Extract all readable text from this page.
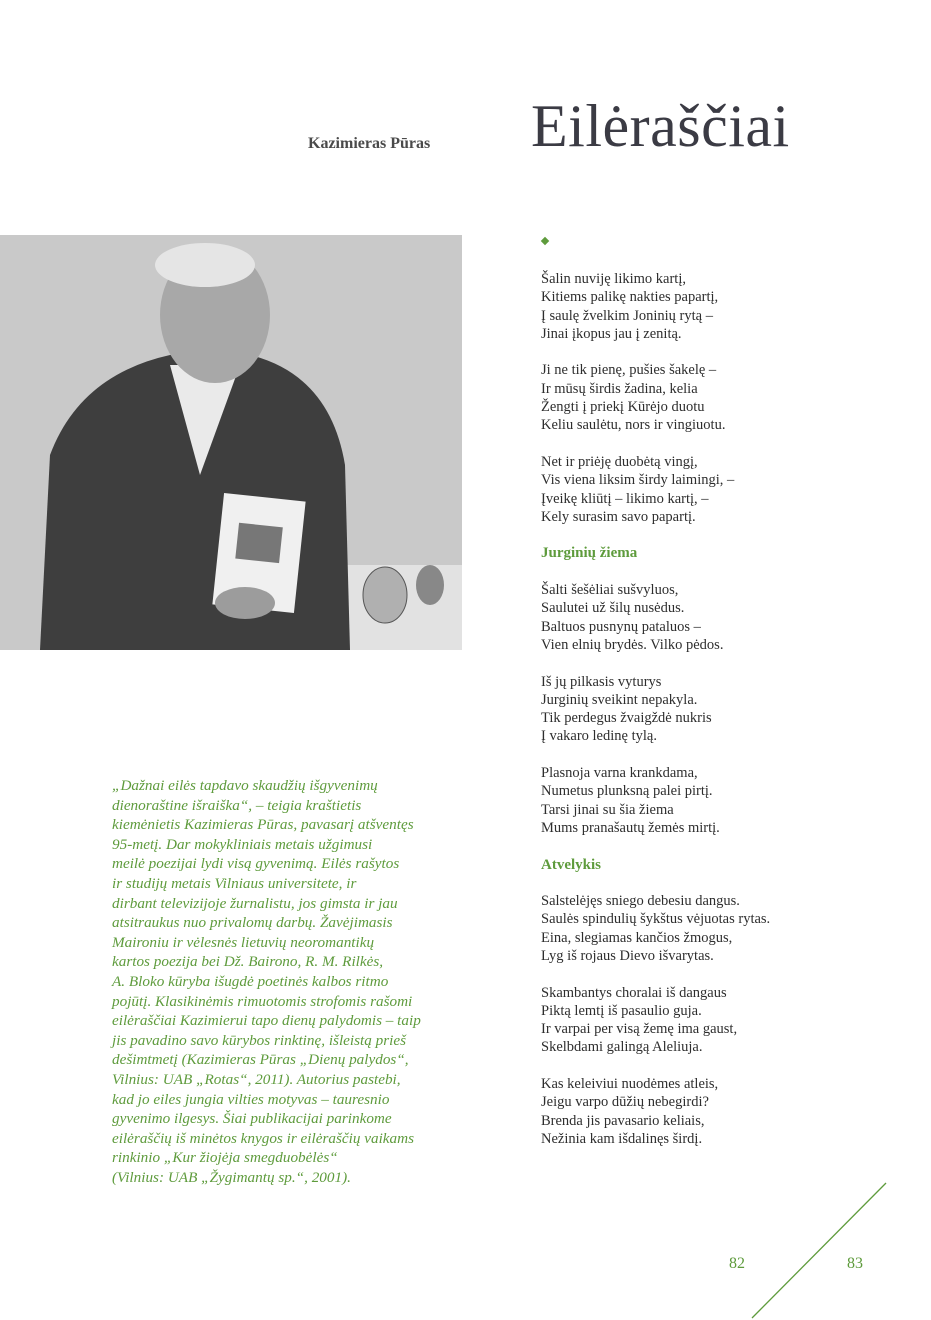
Eilėraščiai
Kazimieras Pūras
Šalin nuviję likimo kartį,
Kitiems palikę nakties papartį,
Į saulę žvelkim Joninių rytą –
Jinai įkopus jau į zenitą.
Ji ne tik pienę, pušies šakelę –
Ir mūsų širdis žadina, kelia
Žengti į priekį Kūrėjo duotu
Keliu saulėtu, nors ir vingiuotu.
Net ir priėję duobėtą vingį,
Vis viena liksim širdy laimingi, –
Įveikę kliūtį – likimo kartį, –
Kely surasim savo papartį.
Jurginių žiema
Šalti šešėliai sušvyluos,
Saulutei už šilų nusėdus.
Baltuos pusnynų pataluos –
Vien elnių brydės. Vilko pėdos.
Iš jų pilkasis vyturys
Jurginių sveikint nepakyla.
Tik perdegus žvaigždė nukris
Į vakaro ledinę tylą.
Plasnoja varna krankdama,
Numetus plunksną palei pirtį.
Tarsi jinai su šia žiema
Mums pranašautų žemės mirtį.
Atvelykis
Salstelėjęs sniego debesiu dangus.
Saulės spindulių šykštus vėjuotas rytas.
Eina, slegiamas kančios žmogus,
Lyg iš rojaus Dievo išvarytas.
Skambantys choralai iš dangaus
Piktą lemtį iš pasaulio guja.
Ir varpai per visą žemę ima gaust,
Skelbdami galingą Aleliuja.
Kas keleiviui nuodėmes atleis,
Jeigu varpo dūžių nebegirdi?
Brenda jis pavasario keliais,
Nežinia kam išdalinęs širdį.
„Dažnai eilės tapdavo skaudžių išgyvenimų
dienoraštine išraiška“, – teigia kraštietis
kiemėnietis Kazimieras Pūras, pavasarį atšventęs
95-metį. Dar mokykliniais metais užgimusi
meilė poezijai lydi visą gyvenimą. Eilės rašytos
ir studijų metais Vilniaus universitete, ir
dirbant televizijoje žurnalistu, jos gimsta ir jau
atsitraukus nuo privalomų darbų. Žavėjimasis
Maironiu ir vėlesnės lietuvių neoromantikų
kartos poezija bei Dž. Bairono, R. M. Rilkės,
A. Bloko kūryba išugdė poetinės kalbos ritmo
pojūtį. Klasikinėmis rimuotomis strofomis rašomi
eilėraščiai Kazimierui tapo dienų palydomis – taip
jis pavadino savo kūrybos rinktinę, išleistą prieš
dešimtmetį (Kazimieras Pūras „Dienų palydos“,
Vilnius: UAB „Rotas“, 2011). Autorius pastebi,
kad jo eiles jungia vilties motyvas – tauresnio
gyvenimo ilgesys. Šiai publikacijai parinkome
eilėraščių iš minėtos knygos ir eilėraščių vaikams
rinkinio „Kur žiojėja smegduobėlės“
(Vilnius: UAB „Žygimantų sp.“, 2001).
82	83
